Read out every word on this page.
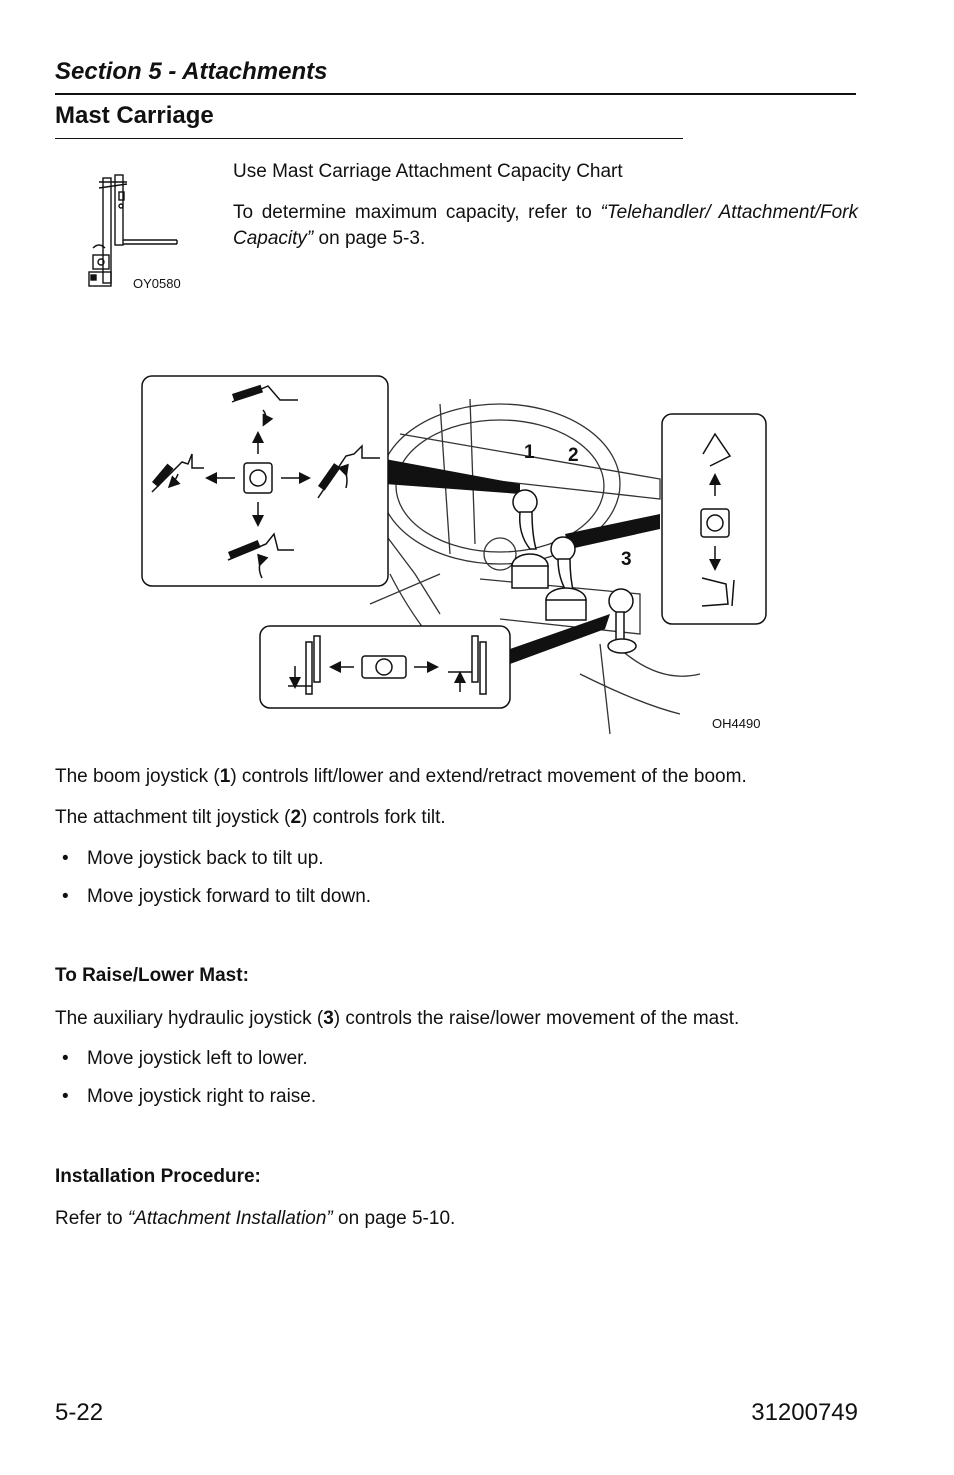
Section 5 - Attachments
Mast Carriage
OY0580
Use Mast Carriage Attachment Capacity Chart
To determine maximum capacity, refer to “Telehandler/ Attachment/Fork Capacity” on page 5-3.
1 2
3
OH4490
The boom joystick (1) controls lift/lower and extend/retract movement of the boom.
The attachment tilt joystick (2) controls fork tilt.
• Move joystick back to tilt up.
• Move joystick forward to tilt down.
To Raise/Lower Mast:
The auxiliary hydraulic joystick (3) controls the raise/lower movement of the mast.
• Move joystick left to lower.
• Move joystick right to raise.
Installation Procedure:
Refer to “Attachment Installation” on page 5-10.
5-22	31200749
